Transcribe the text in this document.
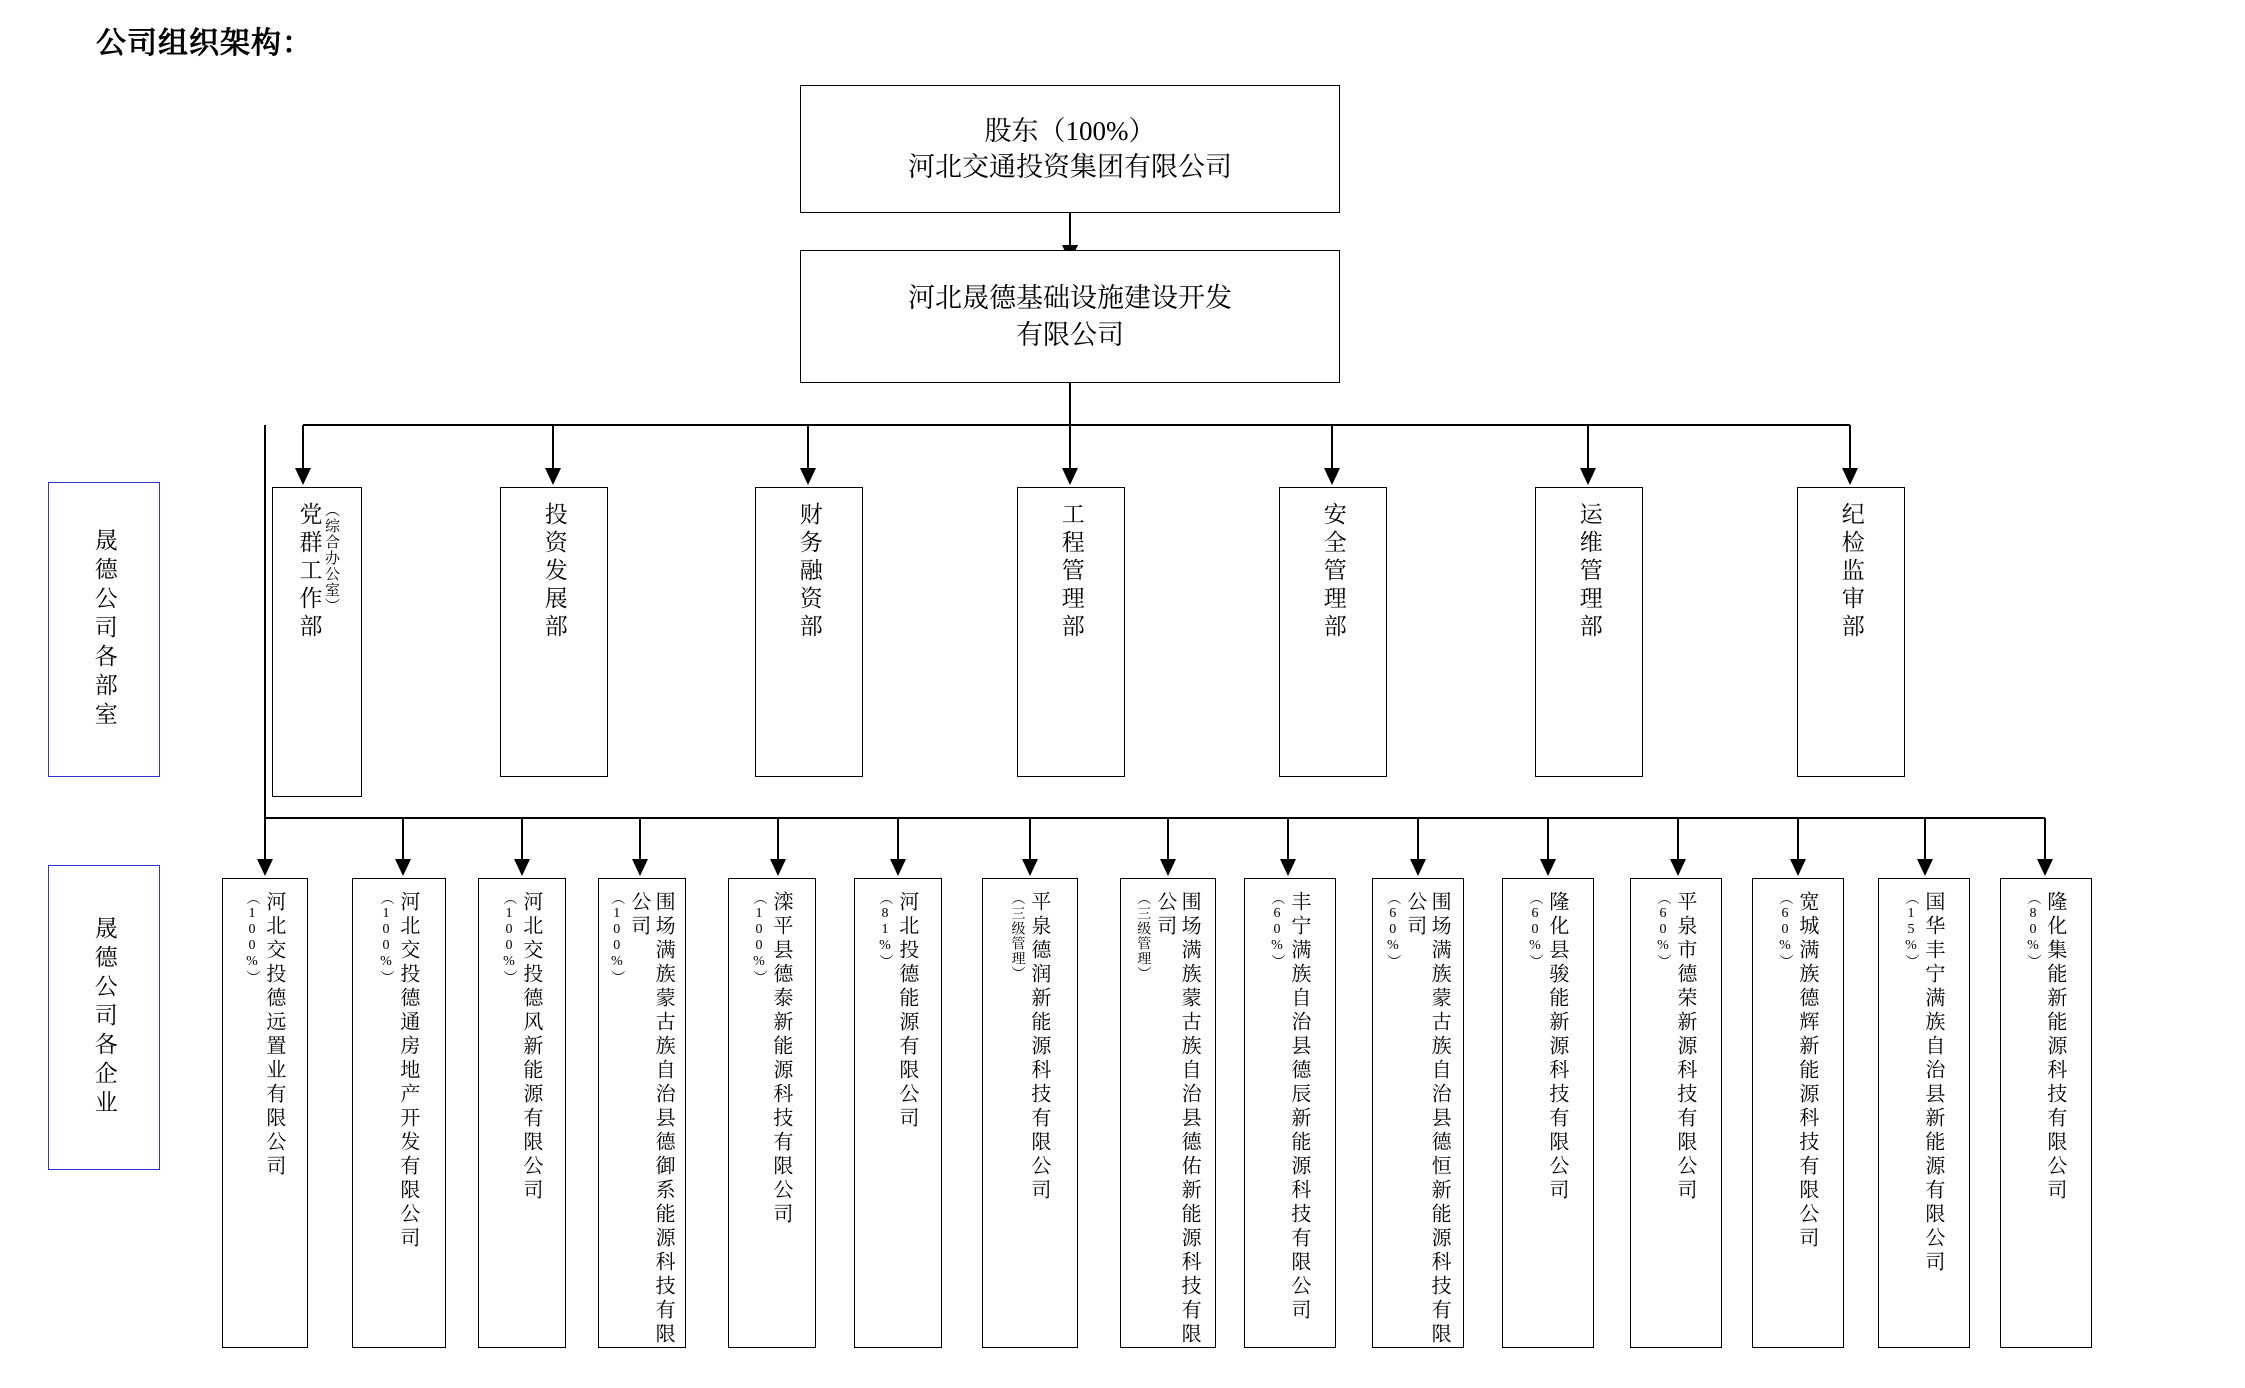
公司组织架构：
股东（100%）
河北交通投资集团有限公司
河北晟德基础设施建设开发
有限公司
晟德公司各部室
晟德公司各企业
党群工作部 （综合办公室）	投资发展部	财务融资部	工程管理部	安全管理部	运维管理部	纪检监审部
河北交投德远置业有限公司
（100%）	河北交投德通房地产开发有限公司
（100%）	河北交投德风新能源有限公司
（100%）	围场满族蒙古族自治县德御系能源科技有限公司
（100%）	滦平县德泰新能源科技有限公司
（100%）	河北投德能源有限公司
（81%）	平泉德润新能源科技有限公司
（三级管理）	围场满族蒙古族自治县德佑新能源科技有限公司
（三级管理）	丰宁满族自治县德辰新能源科技有限公司
（60%）	围场满族蒙古族自治县德恒新能源科技有限公司
（60%）	隆化县骏能新源科技有限公司
（60%）	平泉市德荣新源科技有限公司
（60%）	宽城满族德辉新能源科技有限公司
（60%）	国华丰宁满族自治县新能源有限公司
（15%）	隆化集能新能源科技有限公司
（80%）
